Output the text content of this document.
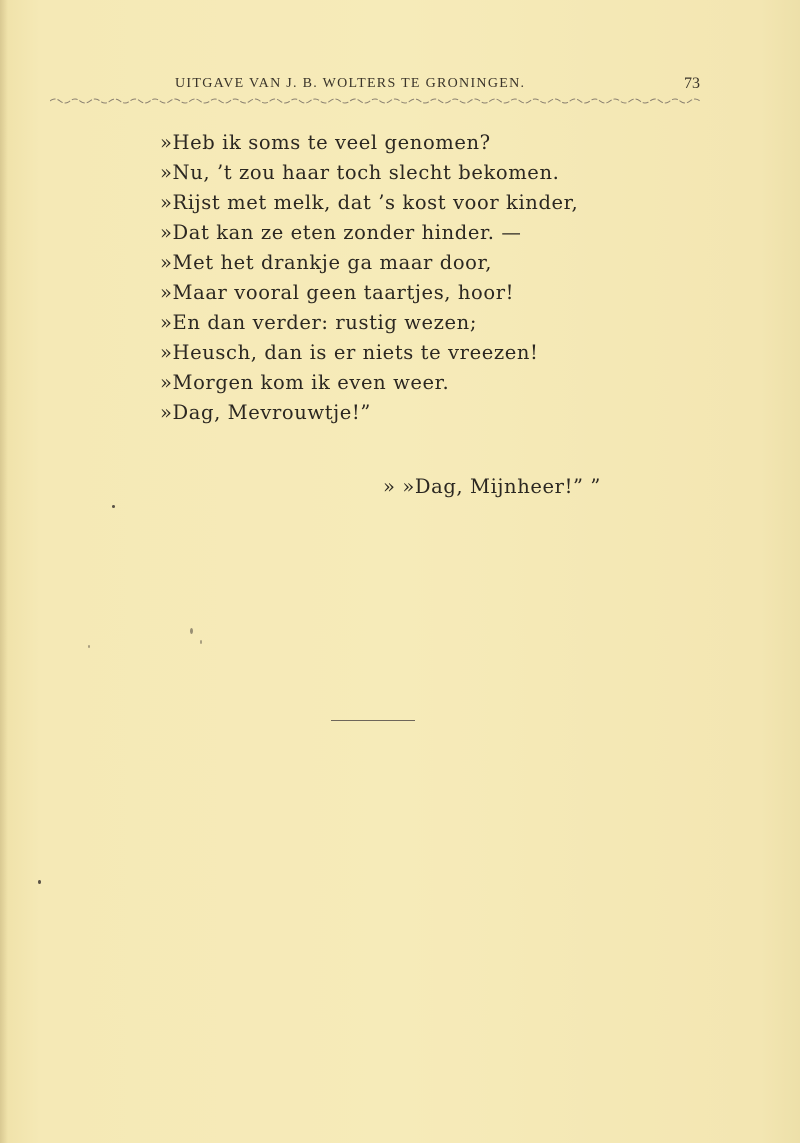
UITGAVE VAN J. B. WOLTERS TE GRONINGEN.	73
»Heb ik soms te veel genomen?
»Nu, ’t zou haar toch slecht bekomen.
»Rijst met melk, dat ’s kost voor kinder,
»Dat kan ze eten zonder hinder. —
»Met het drankje ga maar door,
»Maar vooral geen taartjes, hoor!
»En dan verder: rustig wezen;
»Heusch, dan is er niets te vreezen!
»Morgen kom ik even weer.
»Dag, Mevrouwtje!”
» »Dag, Mijnheer!” ”
